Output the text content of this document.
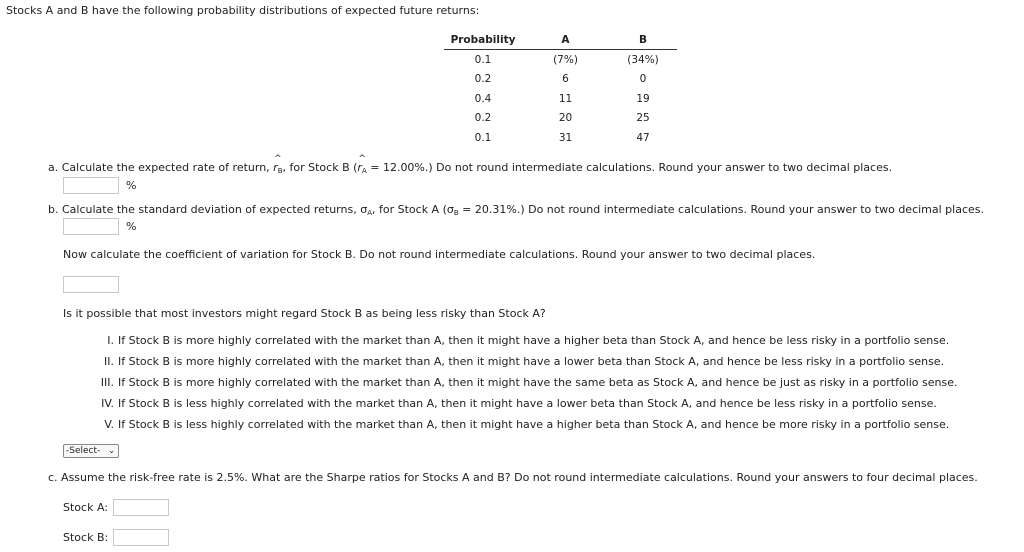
Stocks A and B have the following probability distributions of expected future returns:
Probability	A	B
0.1	(7%)	(34%)
0.2	6	0
0.4	11	19
0.2	20	25
0.1	31	47
a. Calculate the expected rate of return, ^ $r_B$, for Stock B (^ $r_A = 12.00\%$.) Do not round intermediate calculations. Round your answer to two decimal places.
%
b. Calculate the standard deviation of expected returns, $\sigma_A$, for Stock A $(\sigma_B = 20.31\%.)$ Do not round intermediate calculations. Round your answer to two decimal places.
%
Now calculate the coefficient of variation for Stock B. Do not round intermediate calculations. Round your answer to two decimal places.
Is it possible that most investors might regard Stock B as being less risky than Stock A?
I. If Stock B is more highly correlated with the market than A, then it might have a higher beta than Stock A, and hence be less risky in a portfolio sense.
II. If Stock B is more highly correlated with the market than A, then it might have a lower beta than Stock A, and hence be less risky in a portfolio sense.
III. If Stock B is more highly correlated with the market than A, then it might have the same beta as Stock A, and hence be just as risky in a portfolio sense.
IV. If Stock B is less highly correlated with the market than A, then it might have a lower beta than Stock A, and hence be less risky in a portfolio sense.
V. If Stock B is less highly correlated with the market than A, then it might have a higher beta than Stock A, and hence be more risky in a portfolio sense.
-Select- ⌄
c. Assume the risk-free rate is 2.5%. What are the Sharpe ratios for Stocks A and B? Do not round intermediate calculations. Round your answers to four decimal places.
Stock A:
Stock B:
